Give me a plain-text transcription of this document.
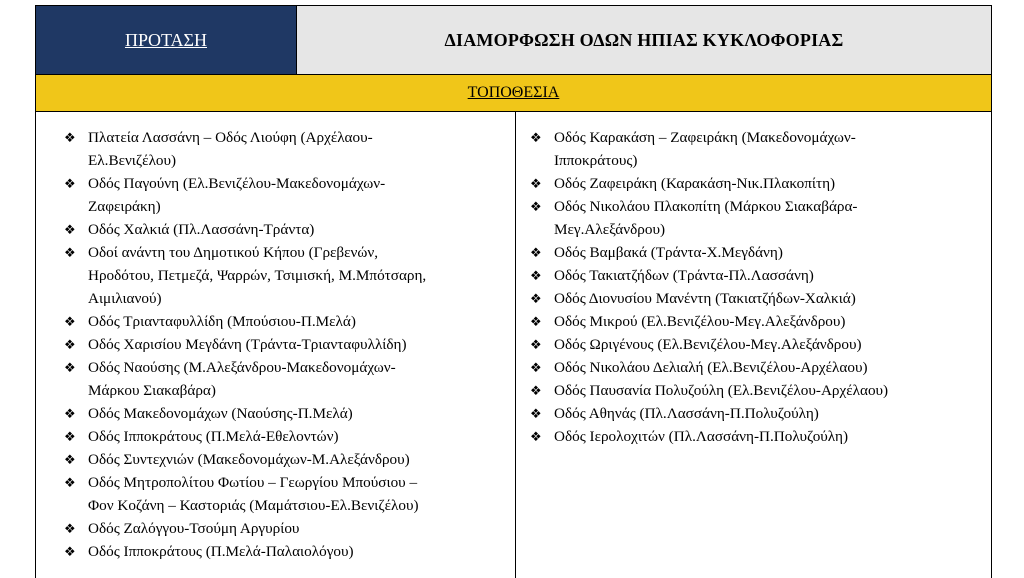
ΠΡΟΤΑΣΗ	ΔΙΑΜΟΡΦΩΣΗ ΟΔΩΝ ΗΠΙΑΣ ΚΥΚΛΟΦΟΡΙΑΣ
ΤΟΠΟΘΕΣΙΑ
❖ Πλατεία Λασσάνη – Οδός Λιούφη (Αρχέλαου-
Ελ.Βενιζέλου)
❖ Οδός Παγούνη (Ελ.Βενιζέλου-Μακεδονομάχων-
Ζαφειράκη)
❖ Οδός Χαλκιά (Πλ.Λασσάνη-Τράντα)
❖ Οδοί ανάντη του Δημοτικού Κήπου (Γρεβενών,
Ηροδότου, Πετμεζά, Ψαρρών, Τσιμισκή, Μ.Μπότσαρη,
Αιμιλιανού)
❖ Οδός Τριανταφυλλίδη (Μπούσιου-Π.Μελά)
❖ Οδός Χαρισίου Μεγδάνη (Τράντα-Τριανταφυλλίδη)
❖ Οδός Ναούσης (Μ.Αλεξάνδρου-Μακεδονομάχων-
Μάρκου Σιακαβάρα)
❖ Οδός Μακεδονομάχων (Ναούσης-Π.Μελά)
❖ Οδός Ιπποκράτους (Π.Μελά-Εθελοντών)
❖ Οδός Συντεχνιών (Μακεδονομάχων-Μ.Αλεξάνδρου)
❖ Οδός Μητροπολίτου Φωτίου – Γεωργίου Μπούσιου –
Φον Κοζάνη – Καστοριάς (Μαμάτσιου-Ελ.Βενιζέλου)
❖ Οδός Ζαλόγγου-Τσούμη Αργυρίου
❖ Οδός Ιπποκράτους (Π.Μελά-Παλαιολόγου)
❖ Οδός Καρακάση – Ζαφειράκη (Μακεδονομάχων-
Ιπποκράτους)
❖ Οδός Ζαφειράκη (Καρακάση-Νικ.Πλακοπίτη)
❖ Οδός Νικολάου Πλακοπίτη (Μάρκου Σιακαβάρα-
Μεγ.Αλεξάνδρου)
❖ Οδός Βαμβακά (Τράντα-Χ.Μεγδάνη)
❖ Οδός Τακιατζήδων (Τράντα-Πλ.Λασσάνη)
❖ Οδός Διονυσίου Μανέντη (Τακιατζήδων-Χαλκιά)
❖ Οδός Μικρού (Ελ.Βενιζέλου-Μεγ.Αλεξάνδρου)
❖ Οδός Ωριγένους (Ελ.Βενιζέλου-Μεγ.Αλεξάνδρου)
❖ Οδός Νικολάου Δελιαλή (Ελ.Βενιζέλου-Αρχέλαου)
❖ Οδός Παυσανία Πολυζούλη (Ελ.Βενιζέλου-Αρχέλαου)
❖ Οδός Αθηνάς (Πλ.Λασσάνη-Π.Πολυζούλη)
❖ Οδός Ιερολοχιτών (Πλ.Λασσάνη-Π.Πολυζούλη)
